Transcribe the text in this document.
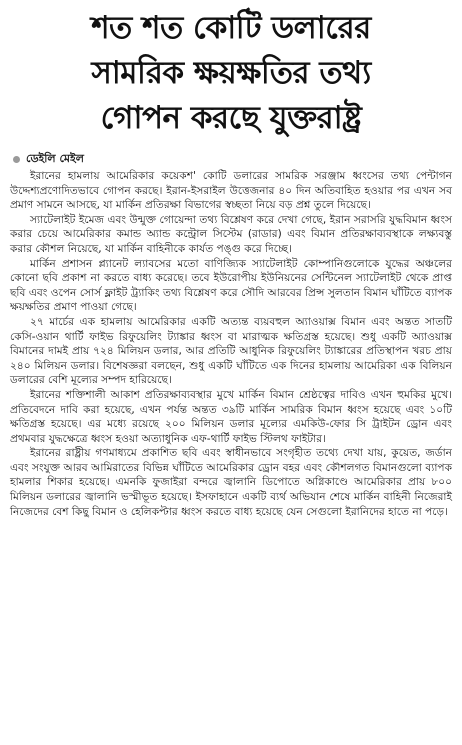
শত শত কোটি ডলারের
সামরিক ক্ষয়ক্ষতির তথ্য
গোপন করছে যুক্তরাষ্ট্র
ডেইলি মেইল

ইরানের হামলায় আমেরিকার কয়েকশ' কোটি ডলারের সামরিক সরঞ্জাম ধ্বংসের তথ্য পেন্টাগন উদ্দেশ্যপ্রণোদিতভাবে গোপন করছে। ইরান-ইসরাইল উত্তেজনার ৪০ দিন অতিবাহিত হওয়ার পর এখন সব প্রমাণ সামনে আসছে, যা মার্কিন প্রতিরক্ষা বিভাগের স্বচ্ছতা নিয়ে বড় প্রশ্ন তুলে দিয়েছে।

স্যাটেলাইট ইমেজ এবং উন্মুক্ত গোয়েন্দা তথ্য বিশ্লেষণ করে দেখা গেছে, ইরান সরাসরি যুদ্ধবিমান ধ্বংস করার চেয়ে আমেরিকার কমান্ড অ্যান্ড কন্ট্রোল সিস্টেম (রাডার) এবং বিমান প্রতিরক্ষাব্যবস্থাকে লক্ষ্যবস্তু করার কৌশল নিয়েছে, যা মার্কিন বাহিনীকে কার্যত পঙ্গু করে দিচ্ছে।

মার্কিন প্রশাসন প্ল্যানেট ল্যাবসের মতো বাণিজ্যিক স্যাটেলাইট কোম্পানিগুলোকে যুদ্ধের অঞ্চলের কোনো ছবি প্রকাশ না করতে বাধ্য করেছে। তবে ইউরোপীয় ইউনিয়নের সেন্টিনেল স্যাটেলাইট থেকে প্রাপ্ত ছবি এবং ওপেন সোর্স ফ্লাইট ট্র্যাকিং তথ্য বিশ্লেষণ করে সৌদি আরবের প্রিন্স সুলতান বিমান ঘাঁটিতে ব্যাপক ক্ষয়ক্ষতির প্রমাণ পাওয়া গেছে।

২৭ মার্চের এক হামলায় আমেরিকার একটি অত্যন্ত ব্যয়বহুল অ্যাওয়াক্স বিমান এবং অন্তত সাতটি কেসি-ওয়ান থার্টি ফাইভ রিফুয়েলিং ট্যাঙ্কার ধ্বংস বা মারাত্মক ক্ষতিগ্রস্ত হয়েছে। শুধু একটি অ্যাওয়াক্স বিমানের দামই প্রায় ৭২৪ মিলিয়ন ডলার, আর প্রতিটি আধুনিক রিফুয়েলিং ট্যাঙ্কারের প্রতিস্থাপন খরচ প্রায় ২৪০ মিলিয়ন ডলার। বিশেষজ্ঞরা বলছেন, শুধু একটি ঘাঁটিতে এক দিনের হামলায় আমেরিকা এক বিলিয়ন ডলারের বেশি মূল্যের সম্পদ হারিয়েছে।

ইরানের শক্তিশালী আকাশ প্রতিরক্ষাব্যবস্থার মুখে মার্কিন বিমান শ্রেষ্ঠত্বের দাবিও এখন হুমকির মুখে। প্রতিবেদনে দাবি করা হয়েছে, এখন পর্যন্ত অন্তত ৩৯টি মার্কিন সামরিক বিমান ধ্বংস হয়েছে এবং ১০টি ক্ষতিগ্রস্ত হয়েছে। এর মধ্যে রয়েছে ২০০ মিলিয়ন ডলার মূল্যের এমকিউ-ফোর সি ট্রাইটন ড্রোন এবং প্রথমবার যুদ্ধক্ষেত্রে ধ্বংস হওয়া অত্যাধুনিক এফ-থার্টি ফাইভ স্টিলথ ফাইটার।

ইরানের রাষ্ট্রীয় গণমাধ্যমে প্রকাশিত ছবি এবং স্বাধীনভাবে সংগৃহীত তথ্যে দেখা যায়, কুয়েত, জর্ডান এবং সংযুক্ত আরব আমিরাতের বিভিন্ন ঘাঁটিতে আমেরিকার ড্রোন বহর এবং কৌশলগত বিমানগুলো ব্যাপক হামলার শিকার হয়েছে। এমনকি ফুজাইরা বন্দরে জ্বালানি ডিপোতে অগ্নিকাণ্ডে আমেরিকার প্রায় ৮০০ মিলিয়ন ডলারের জ্বালানি ভস্মীভূত হয়েছে। ইসফাহানে একটি ব্যর্থ অভিযান শেষে মার্কিন বাহিনী নিজেরাই নিজেদের বেশ কিছু বিমান ও হেলিকপ্টার ধ্বংস করতে বাধ্য হয়েছে যেন সেগুলো ইরানিদের হাতে না পড়ে।
